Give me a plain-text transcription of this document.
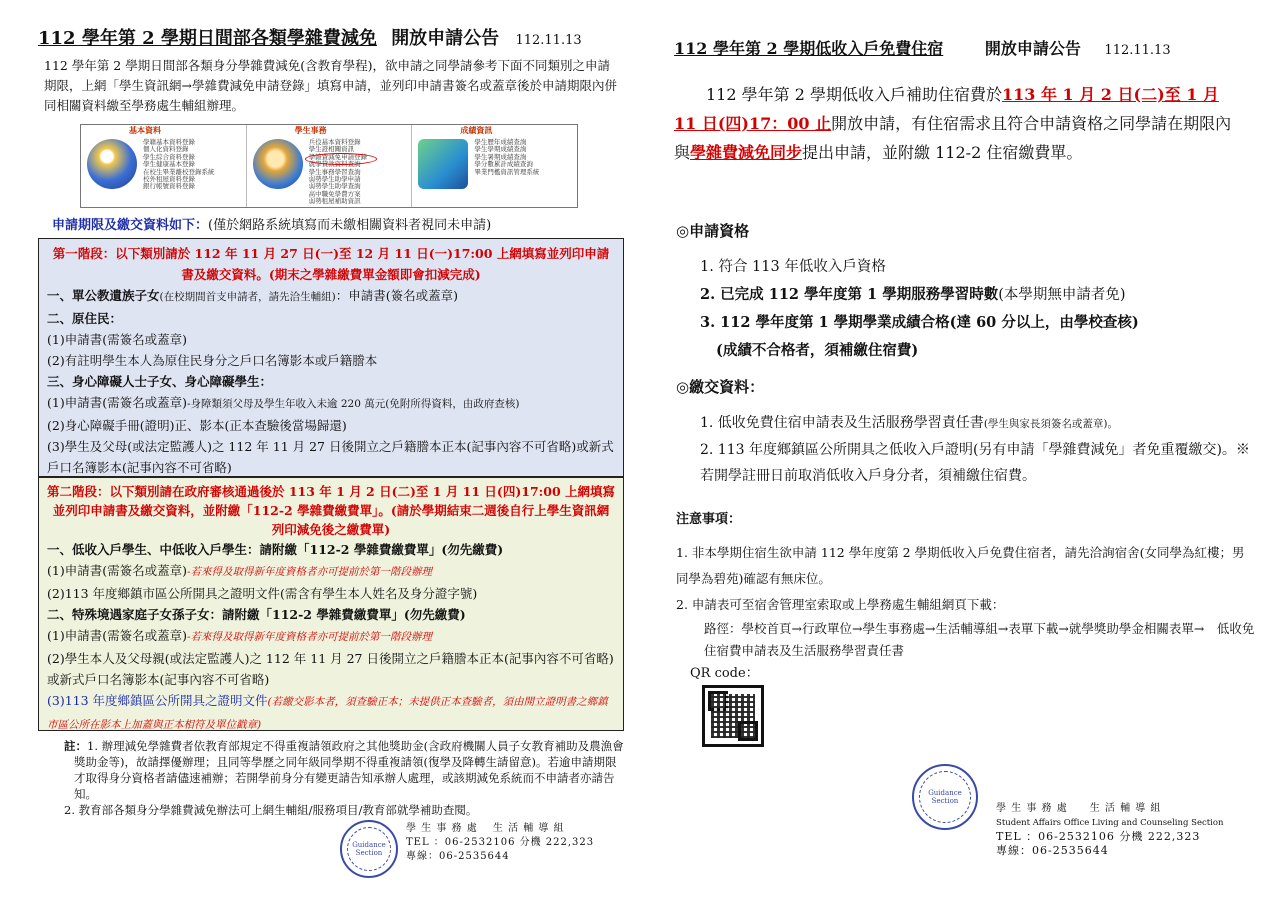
112 學年第 2 學期日間部各類學雜費減免 開放申請公告 112.11.13
112 學年第 2 學期日間部各類身分學雜費減免(含教育學程)，欲申請之同學請參考下面不同類別之申請期限，上網「學生資訊網→學雜費減免申請登錄」填寫申請，並列印申請書簽名或蓋章後於申請期限內併同相關資料繳至學務處生輔組辦理。
基本資料
學籍基本資料登錄
個人化資料登錄
學生綜合資料登錄
學生健康基本登錄
在校生畢業離校登錄系統
校外租屋資料登錄
銀行帳號資料登錄
學生事務
兵役基本資料登錄
學生證相關資訊
學雜費減免申請登錄
就學貸款資料查詢
學生事務學習查詢
弱勢學生助學申請
弱勢學生助學查詢
高中職免學費方案
弱勢租屋補助資訊
成績資訊
學生歷年成績查詢
學生學期成績查詢
學生暑期成績查詢
學分數累計成績查詢
畢業門檻資訊管理系統
申請期限及繳交資料如下：(僅於網路系統填寫而未繳相關資料者視同未申請)
第一階段：以下類別請於 112 年 11 月 27 日(一)至 12 月 11 日(一)17:00 上網填寫並列印申請書及繳交資料。(期末之學雜繳費單金額即會扣減完成)
一、單公教遺族子女(在校期間首支申請者，請先洽生輔組)：申請書(簽名或蓋章)
二、原住民：
(1)申請書(需簽名或蓋章)
(2)有註明學生本人為原住民身分之戶口名簿影本或戶籍謄本
三、身心障礙人士子女、身心障礙學生：
(1)申請書(需簽名或蓋章)-身障類須父母及學生年收入未逾 220 萬元(免附所得資料，由政府查核)
(2)身心障礙手冊(證明)正、影本(正本查驗後當場歸還)
(3)學生及父母(或法定監護人)之 112 年 11 月 27 日後開立之戶籍謄本正本(記事內容不可省略)或新式戶口名簿影本(記事內容不可省略)
第二階段：以下類別請在政府審核通過後於 113 年 1 月 2 日(二)至 1 月 11 日(四)17:00 上網填寫並列印申請書及繳交資料，並附繳「112-2 學雜費繳費單」。(請於學期結束二週後自行上學生資訊網列印減免後之繳費單)
一、低收入戶學生、中低收入戶學生：請附繳「112-2 學雜費繳費單」(勿先繳費)
(1)申請書(需簽名或蓋章)-若來得及取得新年度資格者亦可提前於第一階段辦理
(2)113 年度鄉鎮市區公所開具之證明文件(需含有學生本人姓名及身分證字號)
二、特殊境遇家庭子女孫子女：請附繳「112-2 學雜費繳費單」(勿先繳費)
(1)申請書(需簽名或蓋章)-若來得及取得新年度資格者亦可提前於第一階段辦理
(2)學生本人及父母親(或法定監護人)之 112 年 11 月 27 日後開立之戶籍謄本正本(記事內容不可省略)或新式戶口名簿影本(記事內容不可省略)
(3)113 年度鄉鎮區公所開具之證明文件(若繳交影本者，須查驗正本；未提供正本查驗者，須由開立證明書之鄉鎮市區公所在影本上加蓋與正本相符及單位戳章)
註：1. 辦理減免學雜費者依教育部規定不得重複請領政府之其他獎助金(含政府機關人員子女教育補助及農漁會獎助金等)，故請擇優辦理；且同等學歷之同年級同學期不得重複請領(復學及降轉生請留意)。若逾申請期限才取得身分資格者請儘速補辦；若開學前身分有變更請告知承辦人處理，或該期減免系統而不申請者亦請告知。
2. 教育部各類身分學雜費減免辦法可上網生輔組/服務項目/教育部就學補助查閱。
Guidance Section
學 生 事 務 處　 生 活 輔 導 組
TEL ：06-2532106 分機 222,323
專線：06-2535644
112 學年第 2 學期低收入戶免費住宿	開放申請公告 112.11.13
112 學年第 2 學期低收入戶補助住宿費於113 年 1 月 2 日(二)至 1 月 11 日(四)17：00 止開放申請，有住宿需求且符合申請資格之同學請在期限內與學雜費減免同步提出申請，並附繳 112-2 住宿繳費單。
◎申請資格
1. 符合 113 年低收入戶資格
2. 已完成 112 學年度第 1 學期服務學習時數(本學期無申請者免)
3. 112 學年度第 1 學期學業成績合格(達 60 分以上，由學校查核)
(成績不合格者，須補繳住宿費)
◎繳交資料：
1. 低收免費住宿申請表及生活服務學習責任書(學生與家長須簽名或蓋章)。
2. 113 年度鄉鎮區公所開具之低收入戶證明(另有申請「學雜費減免」者免重覆繳交)。※若開學註冊日前取消低收入戶身分者，須補繳住宿費。
注意事項：
1. 非本學期住宿生欲申請 112 學年度第 2 學期低收入戶免費住宿者，請先洽詢宿舍(女同學為紅樓；男同學為碧苑)確認有無床位。
2. 申請表可至宿舍管理室索取或上學務處生輔組網頁下載：
路徑：學校首頁→行政單位→學生事務處→生活輔導組→表單下載→就學獎助學金相關表單→　低收免住宿費申請表及生活服務學習責任書
QR code：
Guidance Section
學 生 事 務 處　　生 活 輔 導 組
Student Affairs Office Living and Counseling Section
TEL ：06-2532106 分機 222,323
專線：06-2535644
